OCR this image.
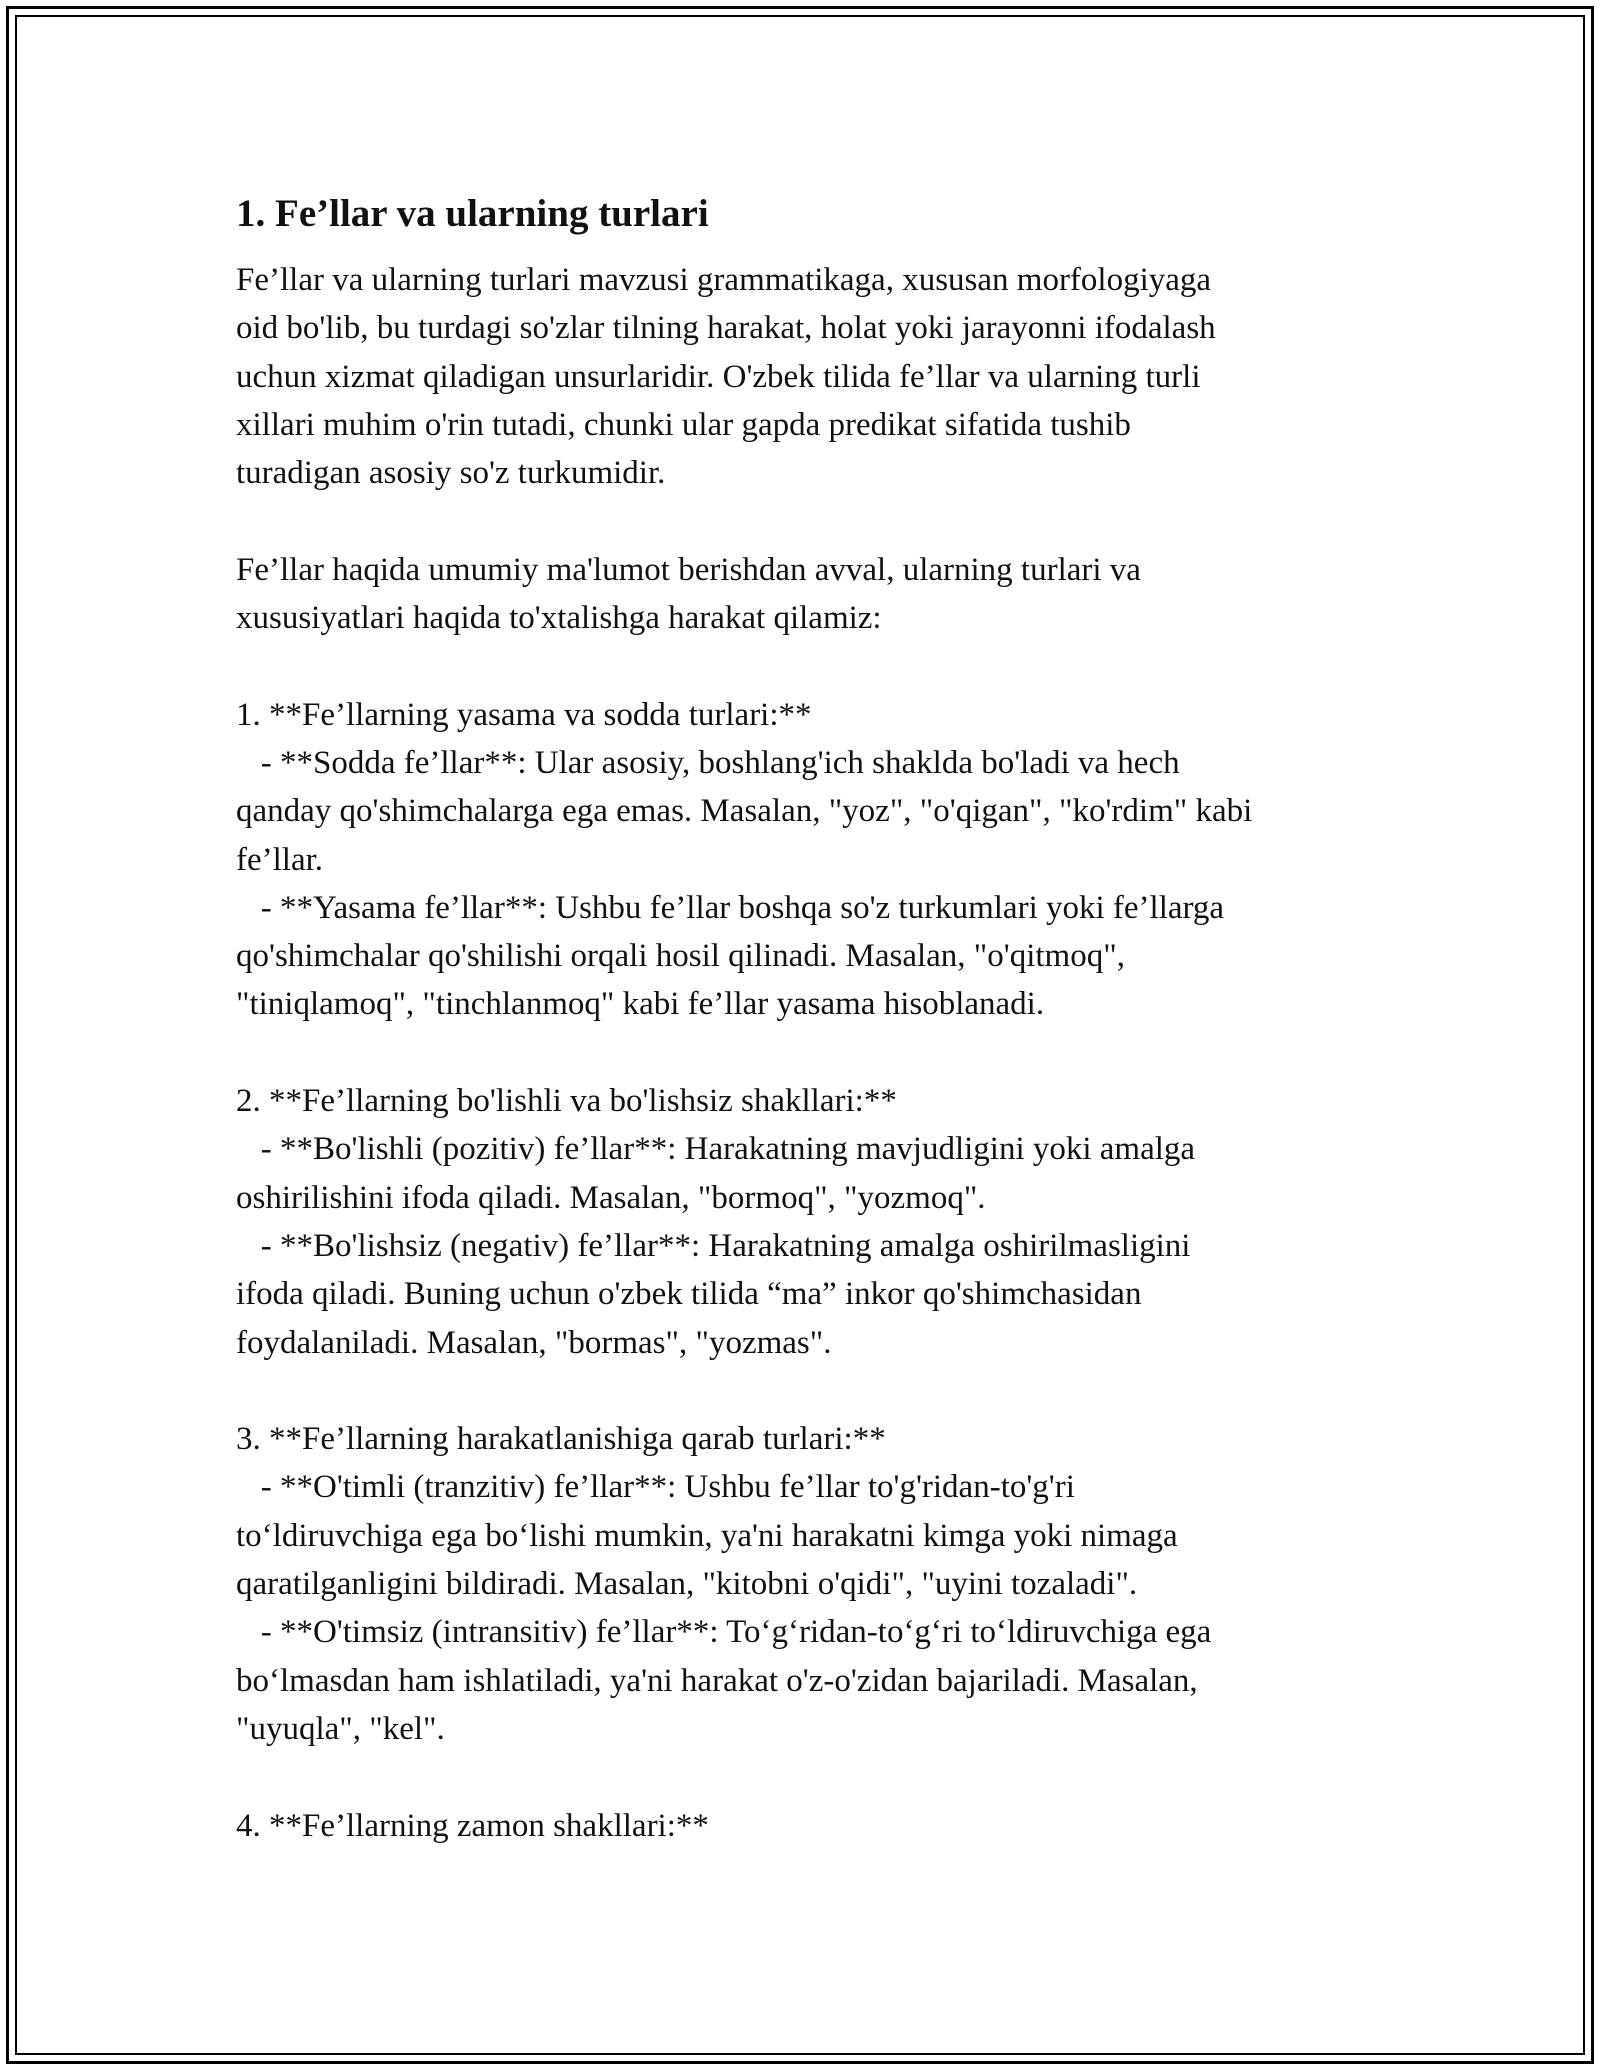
1. Fe’llar va ularning turlari
Fe’llar va ularning turlari mavzusi grammatikaga, xususan morfologiyaga
oid bo'lib, bu turdagi so'zlar tilning harakat, holat yoki jarayonni ifodalash
uchun xizmat qiladigan unsurlaridir. O'zbek tilida fe’llar va ularning turli
xillari muhim o'rin tutadi, chunki ular gapda predikat sifatida tushib
turadigan asosiy so'z turkumidir.
Fe’llar haqida umumiy ma'lumot berishdan avval, ularning turlari va
xususiyatlari haqida to'xtalishga harakat qilamiz:
1. **Fe’llarning yasama va sodda turlari:**
- **Sodda fe’llar**: Ular asosiy, boshlang'ich shaklda bo'ladi va hech
qanday qo'shimchalarga ega emas. Masalan, "yoz", "o'qigan", "ko'rdim" kabi
fe’llar.
- **Yasama fe’llar**: Ushbu fe’llar boshqa so'z turkumlari yoki fe’llarga
qo'shimchalar qo'shilishi orqali hosil qilinadi. Masalan, "o'qitmoq",
"tiniqlamoq", "tinchlanmoq" kabi fe’llar yasama hisoblanadi.
2. **Fe’llarning bo'lishli va bo'lishsiz shakllari:**
- **Bo'lishli (pozitiv) fe’llar**: Harakatning mavjudligini yoki amalga
oshirilishini ifoda qiladi. Masalan, "bormoq", "yozmoq".
- **Bo'lishsiz (negativ) fe’llar**: Harakatning amalga oshirilmasligini
ifoda qiladi. Buning uchun o'zbek tilida “ma” inkor qo'shimchasidan
foydalaniladi. Masalan, "bormas", "yozmas".
3. **Fe’llarning harakatlanishiga qarab turlari:**
- **O'timli (tranzitiv) fe’llar**: Ushbu fe’llar to'g'ridan-to'g'ri
to‘ldiruvchiga ega bo‘lishi mumkin, ya'ni harakatni kimga yoki nimaga
qaratilganligini bildiradi. Masalan, "kitobni o'qidi", "uyini tozaladi".
- **O'timsiz (intransitiv) fe’llar**: To‘g‘ridan-to‘g‘ri to‘ldiruvchiga ega
bo‘lmasdan ham ishlatiladi, ya'ni harakat o'z-o'zidan bajariladi. Masalan,
"uyuqla", "kel".
4. **Fe’llarning zamon shakllari:**
